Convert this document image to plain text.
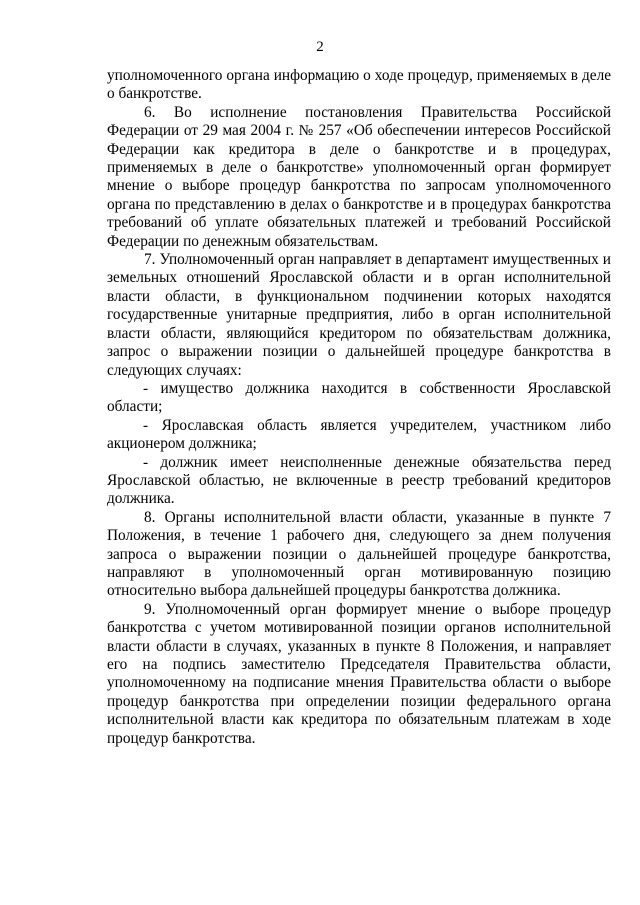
2

уполномоченного органа информацию о ходе процедур, применяемых в деле о банкротстве.

6. Во исполнение постановления Правительства Российской Федерации от 29 мая 2004 г. № 257 «Об обеспечении интересов Российской Федерации как кредитора в деле о банкротстве и в процедурах, применяемых в деле о банкротстве» уполномоченный орган формирует мнение о выборе процедур банкротства по запросам уполномоченного органа по представлению в делах о банкротстве и в процедурах банкротства требований об уплате обязательных платежей и требований Российской Федерации по денежным обязательствам.

7. Уполномоченный орган направляет в департамент имущественных и земельных отношений Ярославской области и в орган исполнительной власти области, в функциональном подчинении которых находятся государственные унитарные предприятия, либо в орган исполнительной власти области, являющийся кредитором по обязательствам должника, запрос о выражении позиции о дальнейшей процедуре банкротства в следующих случаях:

- имущество должника находится в собственности Ярославской области;

- Ярославская область является учредителем, участником либо акционером должника;

- должник имеет неисполненные денежные обязательства перед Ярославской областью, не включенные в реестр требований кредиторов должника.

8. Органы исполнительной власти области, указанные в пункте 7 Положения, в течение 1 рабочего дня, следующего за днем получения запроса о выражении позиции о дальнейшей процедуре банкротства, направляют в уполномоченный орган мотивированную позицию относительно выбора дальнейшей процедуры банкротства должника.

9. Уполномоченный орган формирует мнение о выборе процедур банкротства с учетом мотивированной позиции органов исполнительной власти области в случаях, указанных в пункте 8 Положения, и направляет его на подпись заместителю Председателя Правительства области, уполномоченному на подписание мнения Правительства области о выборе процедур банкротства при определении позиции федерального органа исполнительной власти как кредитора по обязательным платежам в ходе процедур банкротства.
